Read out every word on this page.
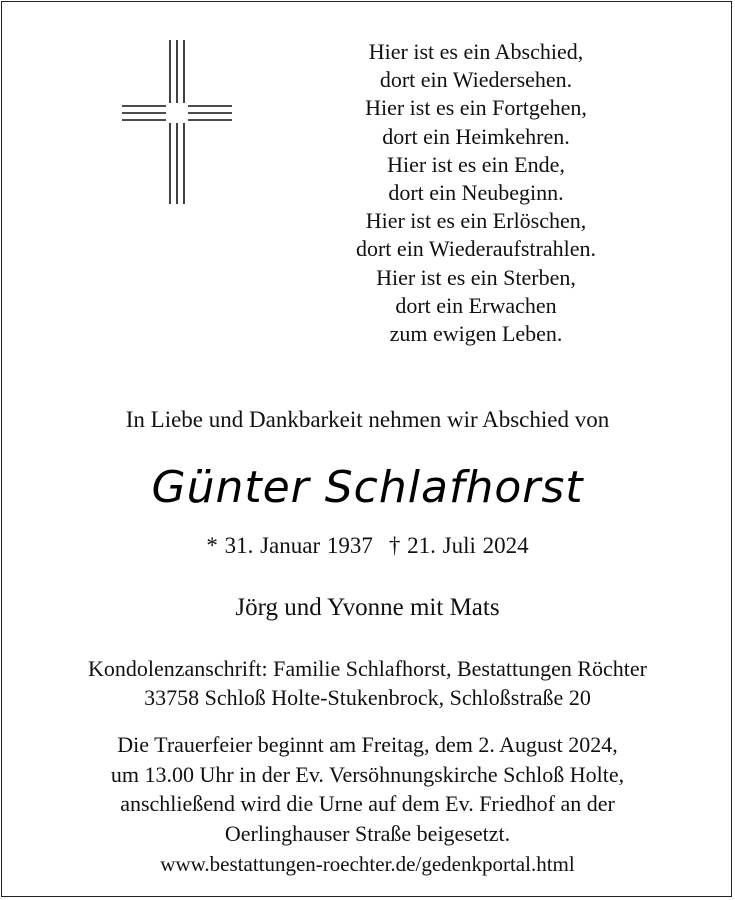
Hier ist es ein Abschied,
dort ein Wiedersehen.
Hier ist es ein Fortgehen,
dort ein Heimkehren.
Hier ist es ein Ende,
dort ein Neubeginn.
Hier ist es ein Erlöschen,
dort ein Wiederaufstrahlen.
Hier ist es ein Sterben,
dort ein Erwachen
zum ewigen Leben.
In Liebe und Dankbarkeit nehmen wir Abschied von
Günter Schlafhorst
* 31. Januar 1937 † 21. Juli 2024
Jörg und Yvonne mit Mats
Kondolenzanschrift: Familie Schlafhorst, Bestattungen Röchter
33758 Schloß Holte-Stukenbrock, Schloßstraße 20
Die Trauerfeier beginnt am Freitag, dem 2. August 2024,
um 13.00 Uhr in der Ev. Versöhnungskirche Schloß Holte,
anschließend wird die Urne auf dem Ev. Friedhof an der
Oerlinghauser Straße beigesetzt.
www.bestattungen-roechter.de/gedenkportal.html
